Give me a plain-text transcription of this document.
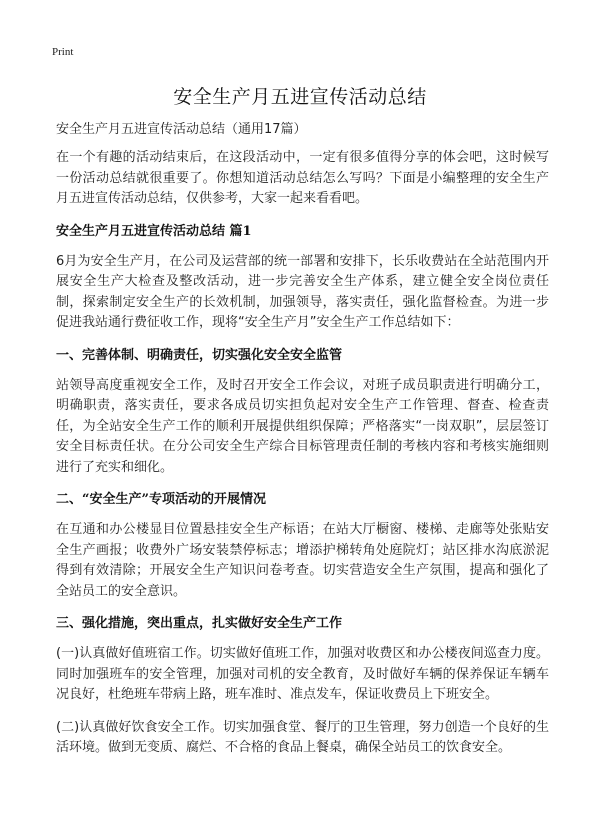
Print
安全生产月五进宣传活动总结
安全生产月五进宣传活动总结（通用17篇）

在一个有趣的活动结束后，在这段活动中，一定有很多值得分享的体会吧，这时候写一份活动总结就很重要了。你想知道活动总结怎么写吗？下面是小编整理的安全生产月五进宣传活动总结，仅供参考，大家一起来看看吧。

安全生产月五进宣传活动总结 篇1

6月为安全生产月，在公司及运营部的统一部署和安排下，长乐收费站在全站范围内开展安全生产大检查及整改活动，进一步完善安全生产体系，建立健全安全岗位责任制，探索制定安全生产的长效机制，加强领导，落实责任，强化监督检查。为进一步促进我站通行费征收工作，现将“安全生产月”安全生产工作总结如下：

一、完善体制、明确责任，切实强化安全安全监管

站领导高度重视安全工作，及时召开安全工作会议，对班子成员职责进行明确分工，明确职责，落实责任，要求各成员切实担负起对安全生产工作管理、督查、检查责任，为全站安全生产工作的顺利开展提供组织保障；严格落实“一岗双职”，层层签订安全目标责任状。在分公司安全生产综合目标管理责任制的考核内容和考核实施细则进行了充实和细化。

二、“安全生产”专项活动的开展情况

在互通和办公楼显目位置悬挂安全生产标语；在站大厅橱窗、楼梯、走廊等处张贴安全生产画报；收费外广场安装禁停标志；增添护梯转角处庭院灯；站区排水沟底淤泥得到有效清除；开展安全生产知识问卷考查。切实营造安全生产氛围，提高和强化了全站员工的安全意识。

三、强化措施，突出重点，扎实做好安全生产工作

(一)认真做好值班宿工作。切实做好值班工作，加强对收费区和办公楼夜间巡查力度。同时加强班车的安全管理，加强对司机的安全教育，及时做好车辆的保养保证车辆车况良好，杜绝班车带病上路，班车准时、准点发车，保证收费员上下班安全。

(二)认真做好饮食安全工作。切实加强食堂、餐厅的卫生管理，努力创造一个良好的生活环境。做到无变质、腐烂、不合格的食品上餐桌，确保全站员工的饮食安全。
